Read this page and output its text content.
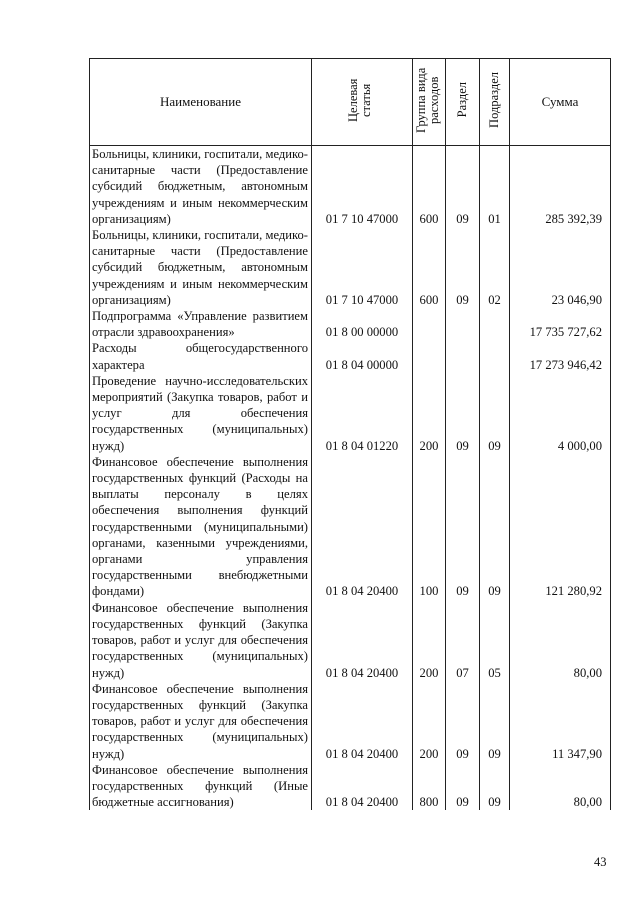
Наименование	Целевая статья	Группа вида расходов	Раздел	Подраздел	Сумма
Больницы, клиники, госпитали, медико-санитарные части (Предоставление субсидий бюджетным, автономным учреждениям и иным некоммерческим организациям)	01 7 10 47000	600	09	01	285 392,39
Больницы, клиники, госпитали, медико-санитарные части (Предоставление субсидий бюджетным, автономным учреждениям и иным некоммерческим организациям)	01 7 10 47000	600	09	02	23 046,90
Подпрограмма «Управление развитием отрасли здравоохранения»	01 8 00 00000				17 735 727,62
Расходы общегосударственного характера	01 8 04 00000				17 273 946,42
Проведение научно-исследовательских мероприятий (Закупка товаров, работ и услуг для обеспечения государственных (муниципальных) нужд)	01 8 04 01220	200	09	09	4 000,00
Финансовое обеспечение выполнения государственных функций (Расходы на выплаты персоналу в целях обеспечения выполнения функций государственными (муниципальными) органами, казенными учреждениями, органами управления государственными внебюджетными фондами)	01 8 04 20400	100	09	09	121 280,92
Финансовое обеспечение выполнения государственных функций (Закупка товаров, работ и услуг для обеспечения государственных (муниципальных) нужд)	01 8 04 20400	200	07	05	80,00
Финансовое обеспечение выполнения государственных функций (Закупка товаров, работ и услуг для обеспечения государственных (муниципальных) нужд)	01 8 04 20400	200	09	09	11 347,90
Финансовое обеспечение выполнения государственных функций (Иные бюджетные ассигнования)	01 8 04 20400	800	09	09	80,00
43
